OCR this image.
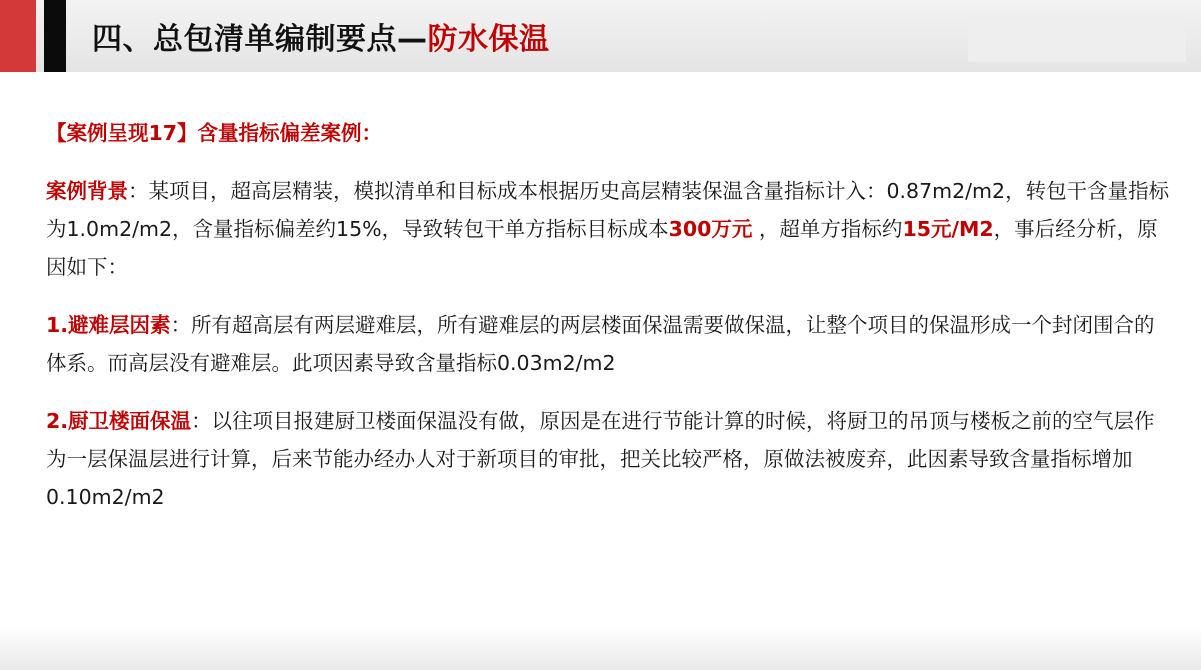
四、总包清单编制要点—防水保温

【案例呈现17】含量指标偏差案例：

案例背景：某项目，超高层精装，模拟清单和目标成本根据历史高层精装保温含量指标计入：0.87m2/m2，转包干含量指标为1.0m2/m2，含量指标偏差约15%，导致转包干单方指标目标成本300万元 ，超单方指标约15元/M2，事后经分析，原因如下：

1.避难层因素：所有超高层有两层避难层，所有避难层的两层楼面保温需要做保温，让整个项目的保温形成一个封闭围合的体系。而高层没有避难层。此项因素导致含量指标0.03m2/m2

2.厨卫楼面保温：以往项目报建厨卫楼面保温没有做，原因是在进行节能计算的时候，将厨卫的吊顶与楼板之前的空气层作为一层保温层进行计算，后来节能办经办人对于新项目的审批，把关比较严格，原做法被废弃，此因素导致含量指标增加0.10m2/m2
